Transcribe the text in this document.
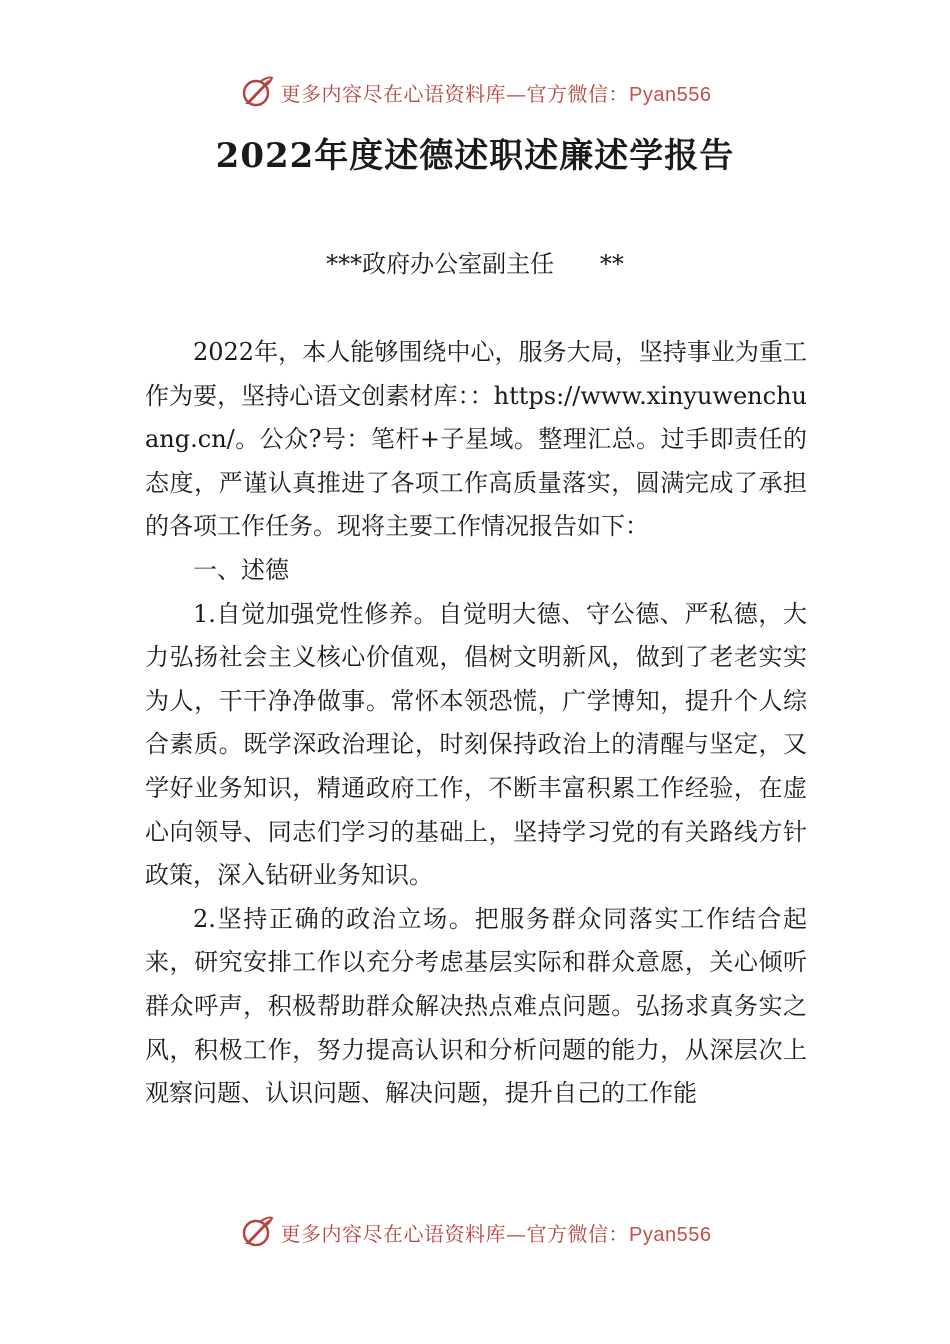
更多内容尽在心语资料库—官方微信：Pyan556
2022年度述德述职述廉述学报告
***政府办公室副主任      **

2022年，本人能够围绕中心，服务大局，坚持事业为重工作为要，坚持心语文创素材库：：https://www.xinyuwenchuang.cn/。公众?号：笔杆+子星域。整理汇总。过手即责任的态度，严谨认真推进了各项工作高质量落实，圆满完成了承担的各项工作任务。现将主要工作情况报告如下：

一、述德

1.自觉加强党性修养。自觉明大德、守公德、严私德，大力弘扬社会主义核心价值观，倡树文明新风，做到了老老实实为人，干干净净做事。常怀本领恐慌，广学博知，提升个人综合素质。既学深政治理论，时刻保持政治上的清醒与坚定，又学好业务知识，精通政府工作，不断丰富积累工作经验，在虚心向领导、同志们学习的基础上，坚持学习党的有关路线方针政策，深入钻研业务知识。

2.坚持正确的政治立场。把服务群众同落实工作结合起来，研究安排工作以充分考虑基层实际和群众意愿，关心倾听群众呼声，积极帮助群众解决热点难点问题。弘扬求真务实之风，积极工作，努力提高认识和分析问题的能力，从深层次上观察问题、认识问题、解决问题，提升自己的工作能

更多内容尽在心语资料库—官方微信：Pyan556
